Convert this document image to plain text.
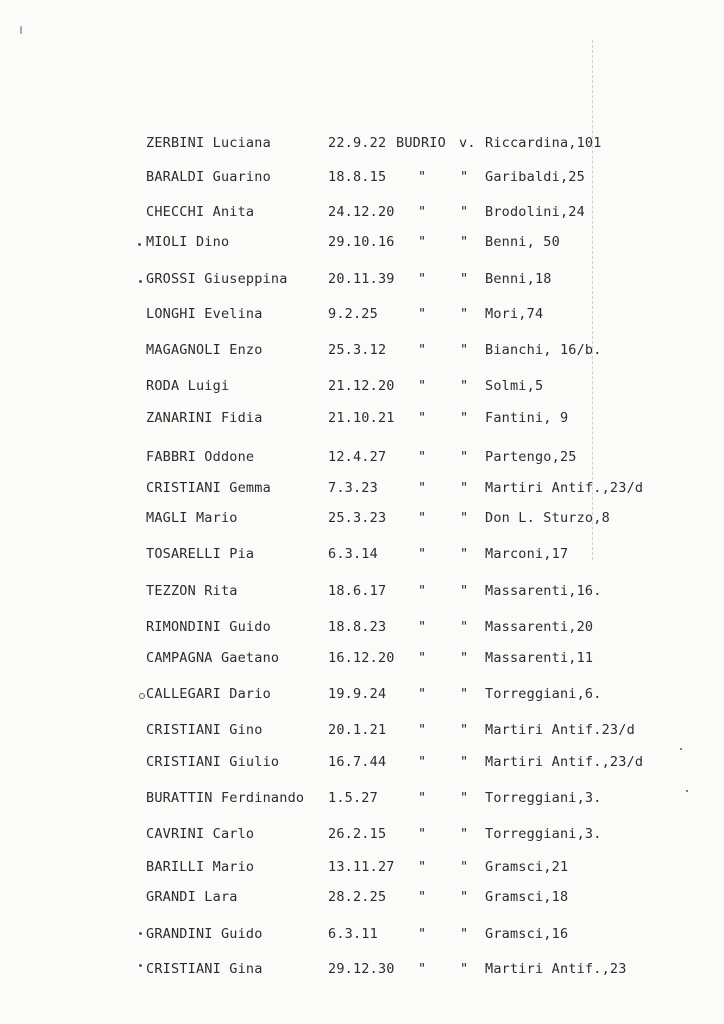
ZERBINI Luciana	22.9.22 BUDRIO v. Riccardina,101
BARALDI Guarino	18.8.15 " " Garibaldi,25
CHECCHI Anita	24.12.20 " " Brodolini,24
MIOLI Dino	29.10.16 " " Benni, 50
GROSSI Giuseppina	20.11.39 " " Benni,18
LONGHI Evelina	9.2.25	" " Mori,74
MAGAGNOLI Enzo	25.3.12 " " Bianchi, 16/b.
RODA Luigi	21.12.20 " " Solmi,5
ZANARINI Fidia	21.10.21 " " Fantini, 9
FABBRI Oddone	12.4.27 " " Partengo,25
CRISTIANI Gemma	7.3.23	" " Martiri Antif.,23/d
MAGLI Mario	25.3.23 " " Don L. Sturzo,8
TOSARELLI Pia	6.3.14	" " Marconi,17
TEZZON Rita	18.6.17 " " Massarenti,16.
RIMONDINI Guido	18.8.23 " " Massarenti,20
CAMPAGNA Gaetano	16.12.20 " " Massarenti,11
CALLEGARI Dario	19.9.24 " " Torreggiani,6.
CRISTIANI Gino	20.1.21 " " Martiri Antif.23/d
CRISTIANI Giulio	16.7.44 " " Martiri Antif.,23/d
BURATTIN Ferdinando 1.5.27	" " Torreggiani,3.
CAVRINI Carlo	26.2.15 " " Torreggiani,3.
BARILLI Mario	13.11.27 " " Gramsci,21
GRANDI Lara	28.2.25 " " Gramsci,18
GRANDINI Guido	6.3.11	" " Gramsci,16
CRISTIANI Gina	29.12.30 " " Martiri Antif.,23
